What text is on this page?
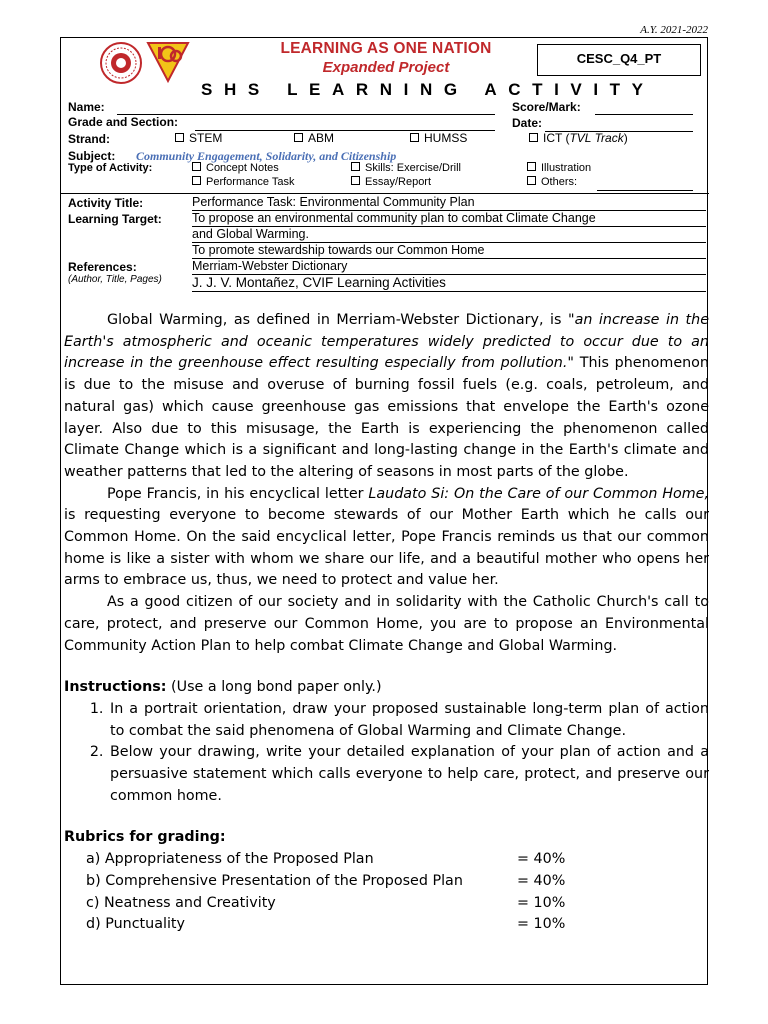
A.Y. 2021-2022
LEARNING AS ONE NATION
Expanded Project
CESC_Q4_PT
SHS LEARNING ACTIVITY
Name:	Score/Mark:
Grade and Section:	Date:
Strand:	STEM	ABM	HUMSS	ICT (TVL Track)
Subject: Community Engagement, Solidarity, and Citizenship
Type of Activity:	Concept Notes	Skills: Exercise/Drill	Illustration
Performance Task	Essay/Report	Others:
Activity Title:	Performance Task: Environmental Community Plan
Learning Target: To propose an environmental community plan to combat Climate Change
and Global Warming.
To promote stewardship towards our Common Home
References:
(Author, Title, Pages)
Merriam-Webster Dictionary
J. J. V. Montañez, CVIF Learning Activities

Global Warming, as defined in Merriam-Webster Dictionary, is "an increase in the Earth's atmospheric and oceanic temperatures widely predicted to occur due to an increase in the greenhouse effect resulting especially from pollution." This phenomenon is due to the misuse and overuse of burning fossil fuels (e.g. coals, petroleum, and natural gas) which cause greenhouse gas emissions that envelope the Earth's ozone layer. Also due to this misusage, the Earth is experiencing the phenomenon called Climate Change which is a significant and long-lasting change in the Earth's climate and weather patterns that led to the altering of seasons in most parts of the globe.

Pope Francis, in his encyclical letter Laudato Si: On the Care of our Common Home, is requesting everyone to become stewards of our Mother Earth which he calls our Common Home. On the said encyclical letter, Pope Francis reminds us that our common home is like a sister with whom we share our life, and a beautiful mother who opens her arms to embrace us, thus, we need to protect and value her.

As a good citizen of our society and in solidarity with the Catholic Church's call to care, protect, and preserve our Common Home, you are to propose an Environmental Community Action Plan to help combat Climate Change and Global Warming.

Instructions: (Use a long bond paper only.)
1. In a portrait orientation, draw your proposed sustainable long-term plan of action to combat the said phenomena of Global Warming and Climate Change.
2. Below your drawing, write your detailed explanation of your plan of action and a persuasive statement which calls everyone to help care, protect, and preserve our common home.
Rubrics for grading:
a) Appropriateness of the Proposed Plan	= 40%
b) Comprehensive Presentation of the Proposed Plan	= 40%
c) Neatness and Creativity	= 10%
d) Punctuality	= 10%
